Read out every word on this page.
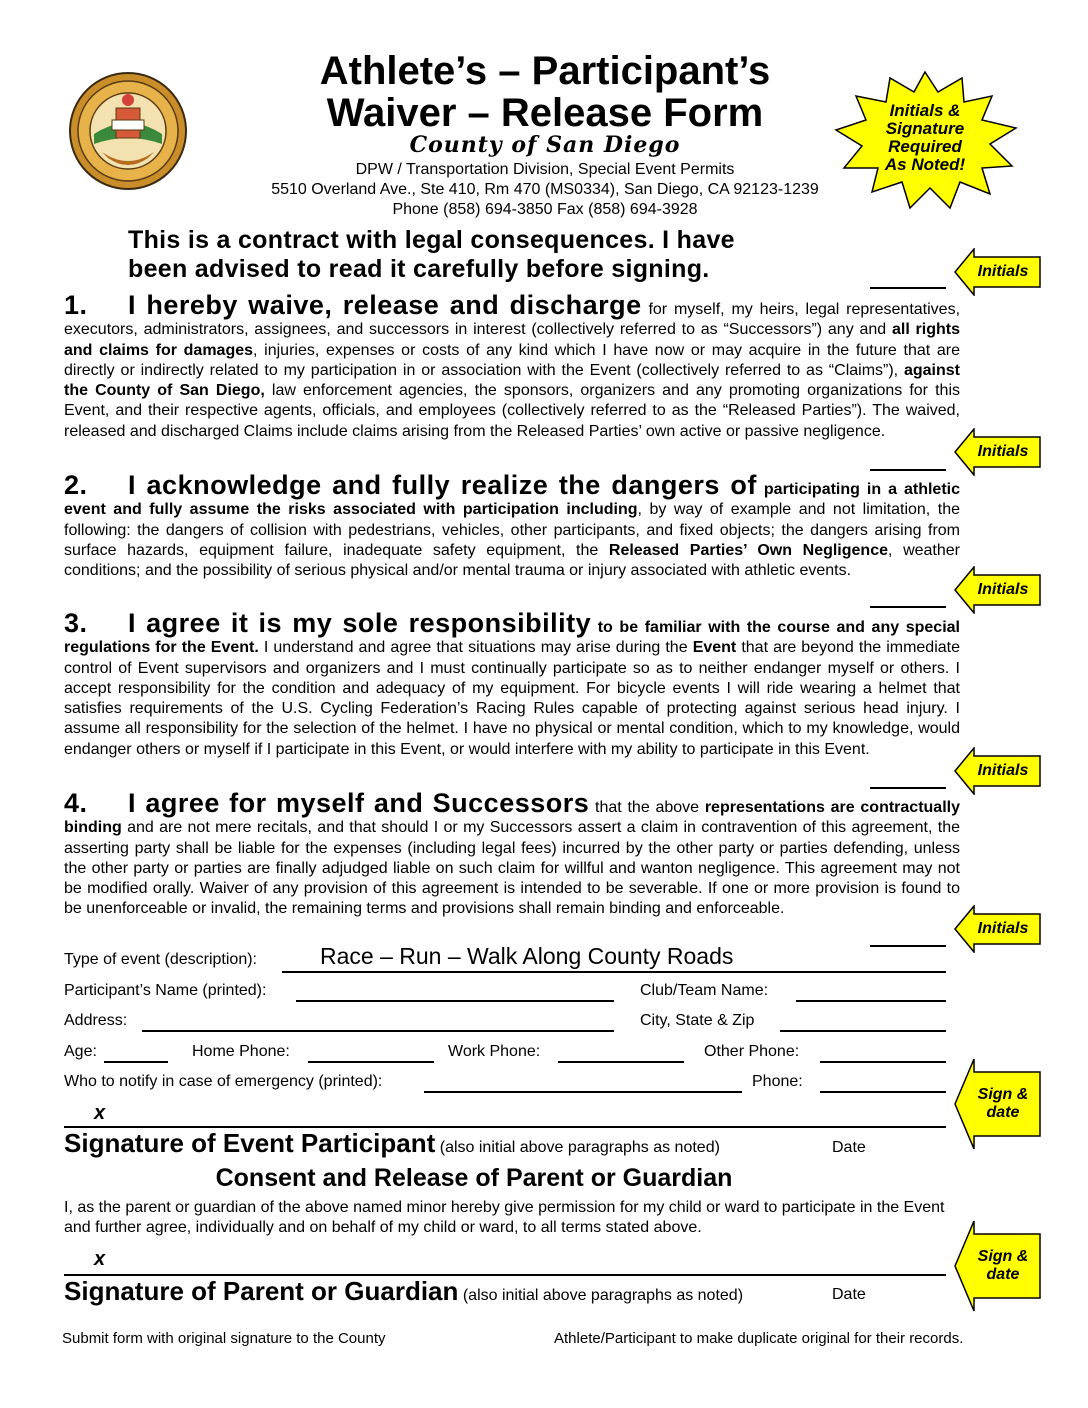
Athlete’s – Participant’s
Waiver – Release Form
County of San Diego
DPW / Transportation Division, Special Event Permits
5510 Overland Ave., Ste 410, Rm 470 (MS0334), San Diego, CA 92123-1239
Phone (858) 694-3850 Fax (858) 694-3928
Initials &
Signature
Required
As Noted!
This is a contract with legal consequences. I have
been advised to read it carefully before signing.
1. I hereby waive, release and discharge for myself, my heirs, legal representatives, executors, administrators, assignees, and successors in interest (collectively referred to as “Successors”) any and all rights and claims for damages, injuries, expenses or costs of any kind which I have now or may acquire in the future that are directly or indirectly related to my participation in or association with the Event (collectively referred to as “Claims”), against the County of San Diego, law enforcement agencies, the sponsors, organizers and any promoting organizations for this Event, and their respective agents, officials, and employees (collectively referred to as the “Released Parties”). The waived, released and discharged Claims include claims arising from the Released Parties’ own active or passive negligence.
2. I acknowledge and fully realize the dangers of participating in a athletic event and fully assume the risks associated with participation including, by way of example and not limitation, the following: the dangers of collision with pedestrians, vehicles, other participants, and fixed objects; the dangers arising from surface hazards, equipment failure, inadequate safety equipment, the Released Parties’ Own Negligence, weather conditions; and the possibility of serious physical and/or mental trauma or injury associated with athletic events.
3. I agree it is my sole responsibility to be familiar with the course and any special regulations for the Event. I understand and agree that situations may arise during the Event that are beyond the immediate control of Event supervisors and organizers and I must continually participate so as to neither endanger myself or others. I accept responsibility for the condition and adequacy of my equipment. For bicycle events I will ride wearing a helmet that satisfies requirements of the U.S. Cycling Federation’s Racing Rules capable of protecting against serious head injury. I assume all responsibility for the selection of the helmet. I have no physical or mental condition, which to my knowledge, would endanger others or myself if I participate in this Event, or would interfere with my ability to participate in this Event.
4. I agree for myself and Successors that the above representations are contractually binding and are not mere recitals, and that should I or my Successors assert a claim in contravention of this agreement, the asserting party shall be liable for the expenses (including legal fees) incurred by the other party or parties defending, unless the other party or parties are finally adjudged liable on such claim for willful and wanton negligence. This agreement may not be modified orally. Waiver of any provision of this agreement is intended to be severable. If one or more provision is found to be unenforceable or invalid, the remaining terms and provisions shall remain binding and enforceable.
Initials
Initials
Initials
Initials
Initials
Sign &
date
Sign &
date
Type of event (description):	Race – Run – Walk Along County Roads
Participant’s Name (printed):	Club/Team Name:
Address:	City, State & Zip
Age:	Home Phone:	Work Phone:	Other Phone:
Who to notify in case of emergency (printed):	Phone:
x
Signature of Event Participant (also initial above paragraphs as noted)	Date
Consent and Release of Parent or Guardian
I, as the parent or guardian of the above named minor hereby give permission for my child or ward to participate in the Event and further agree, individually and on behalf of my child or ward, to all terms stated above.
x
Signature of Parent or Guardian (also initial above paragraphs as noted)	Date
Submit form with original signature to the County	Athlete/Participant to make duplicate original for their records.
